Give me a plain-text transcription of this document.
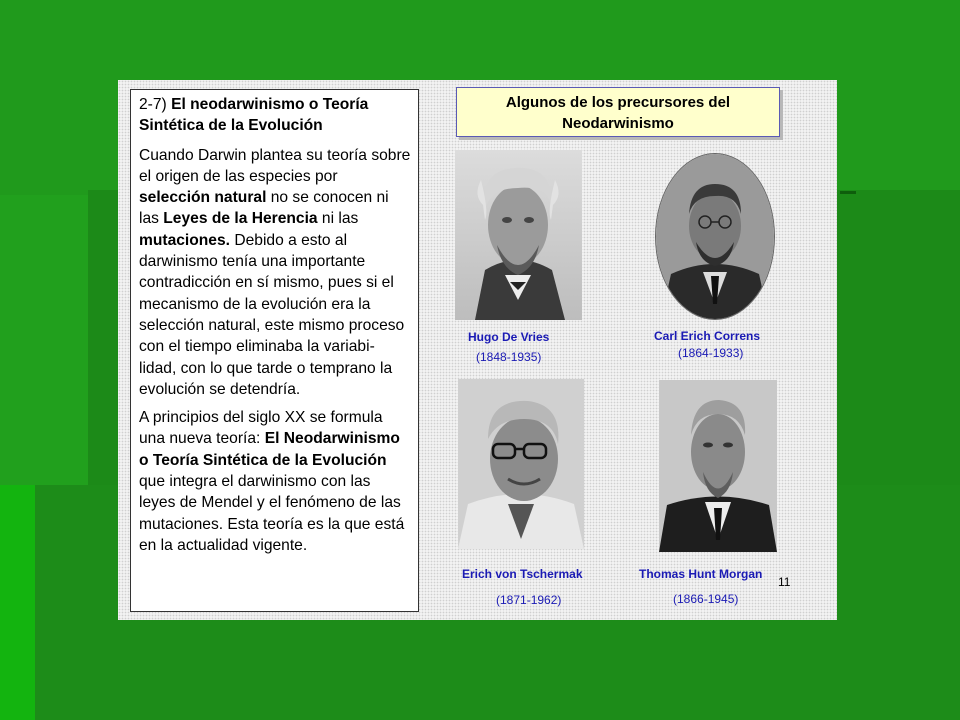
2-7) El neodarwinismo o Teoría Sintética de la Evolución

Cuando Darwin plantea su teoría sobre el origen de las especies por selección natural no se conocen ni las Leyes de la Herencia ni las mutaciones. Debido a esto al darwinismo tenía una importante contradicción en sí mismo, pues si el mecanismo de la evolución era la selección natural, este mismo proceso con el tiempo eliminaba la variabi-lidad, con lo que tarde o temprano la evolución se detendría.

A principios del siglo XX se formula una nueva teoría: El Neodarwinismo o Teoría Sintética de la Evolución que integra el darwinismo con las leyes de Mendel y el fenómeno de las mutaciones. Esta teoría es la que está en la actualidad vigente.

Algunos de los precursores del Neodarwinismo
Hugo De Vries
(1848-1935)
Carl Erich Correns
(1864-1933)
Erich von Tschermak
(1871-1962)
Thomas Hunt Morgan
(1866-1945)
11
